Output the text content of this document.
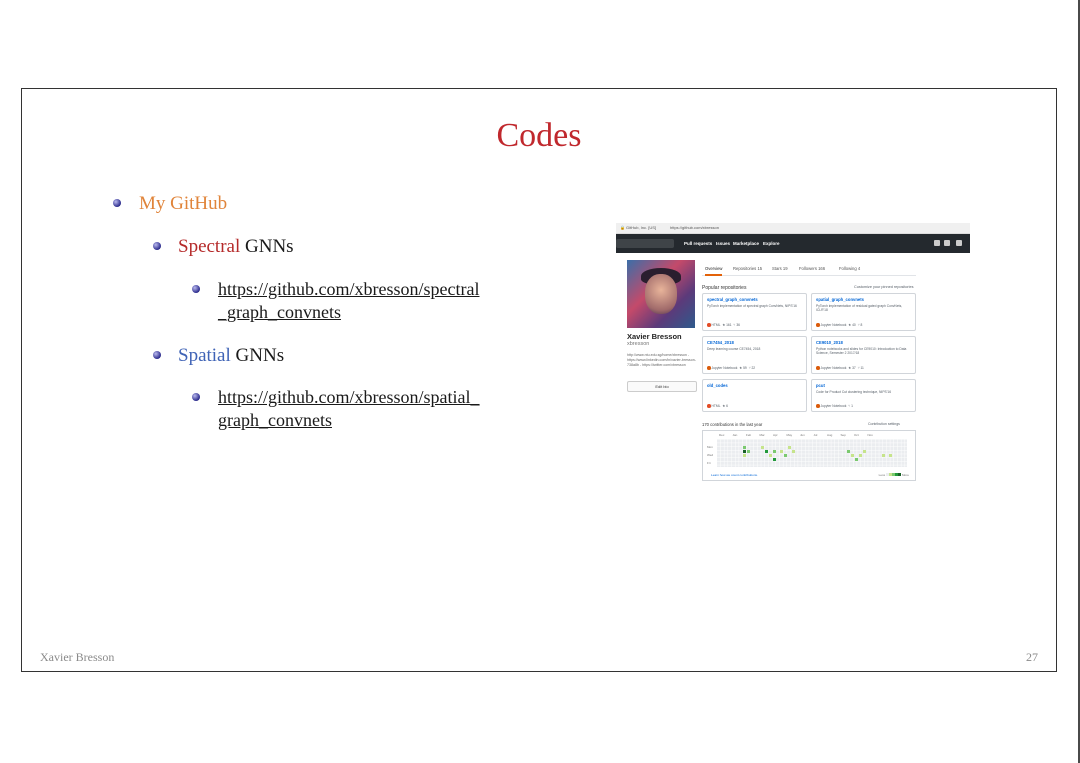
Codes
My GitHub
Spectral GNNs
https://github.com/xbresson/spectral
_graph_convnets
Spatial GNNs
https://github.com/xbresson/spatial_
graph_convnets
🔒 GitHub, Inc. [US]	https://github.com/xbresson
Pull requests Issues Marketplace Explore
Xavier Bresson
xbresson
http://www.ntu.edu.sg/home/xbresson - https://www.linkedin.com/in/xavier-bresson-738a8b - https://twitter.com/xbresson
Edit bio
Overview	Repositories 15 Stars 19	Followers 166	Following 4
Popular repositories	Customize your pinned repositories
spectral_graph_convnets
PyTorch implementation of spectral graph ConvNets, NIPS'16
HTML  ★ 161  ⑂ 36
spatial_graph_convnets
PyTorch implementation of residual gated graph ConvNets, ICLR'18
Jupyter Notebook  ★ 40  ⑂ 8
CE7454_2018
Deep learning course CE7454, 2018
Jupyter Notebook  ★ 59  ⑂ 22
CE9010_2018
Python notebooks and slides for CE9010: Introduction to Data Science, Semester 2 2017/18
Jupyter Notebook  ★ 37  ⑂ 11
old_codes
HTML  ★ 6
pcut
Code for Product Cut clustering technique, NIPS'16
Jupyter Notebook  ⑂ 1
170 contributions in the last year	Contribution settings
Dec	Jan	Feb	Mar	Apr	May	Jun	Jul	Aug	Sep	Oct	Nov
Mon
Wed
Fri
Learn how we count contributions.	Less	More
Xavier Bresson	27
